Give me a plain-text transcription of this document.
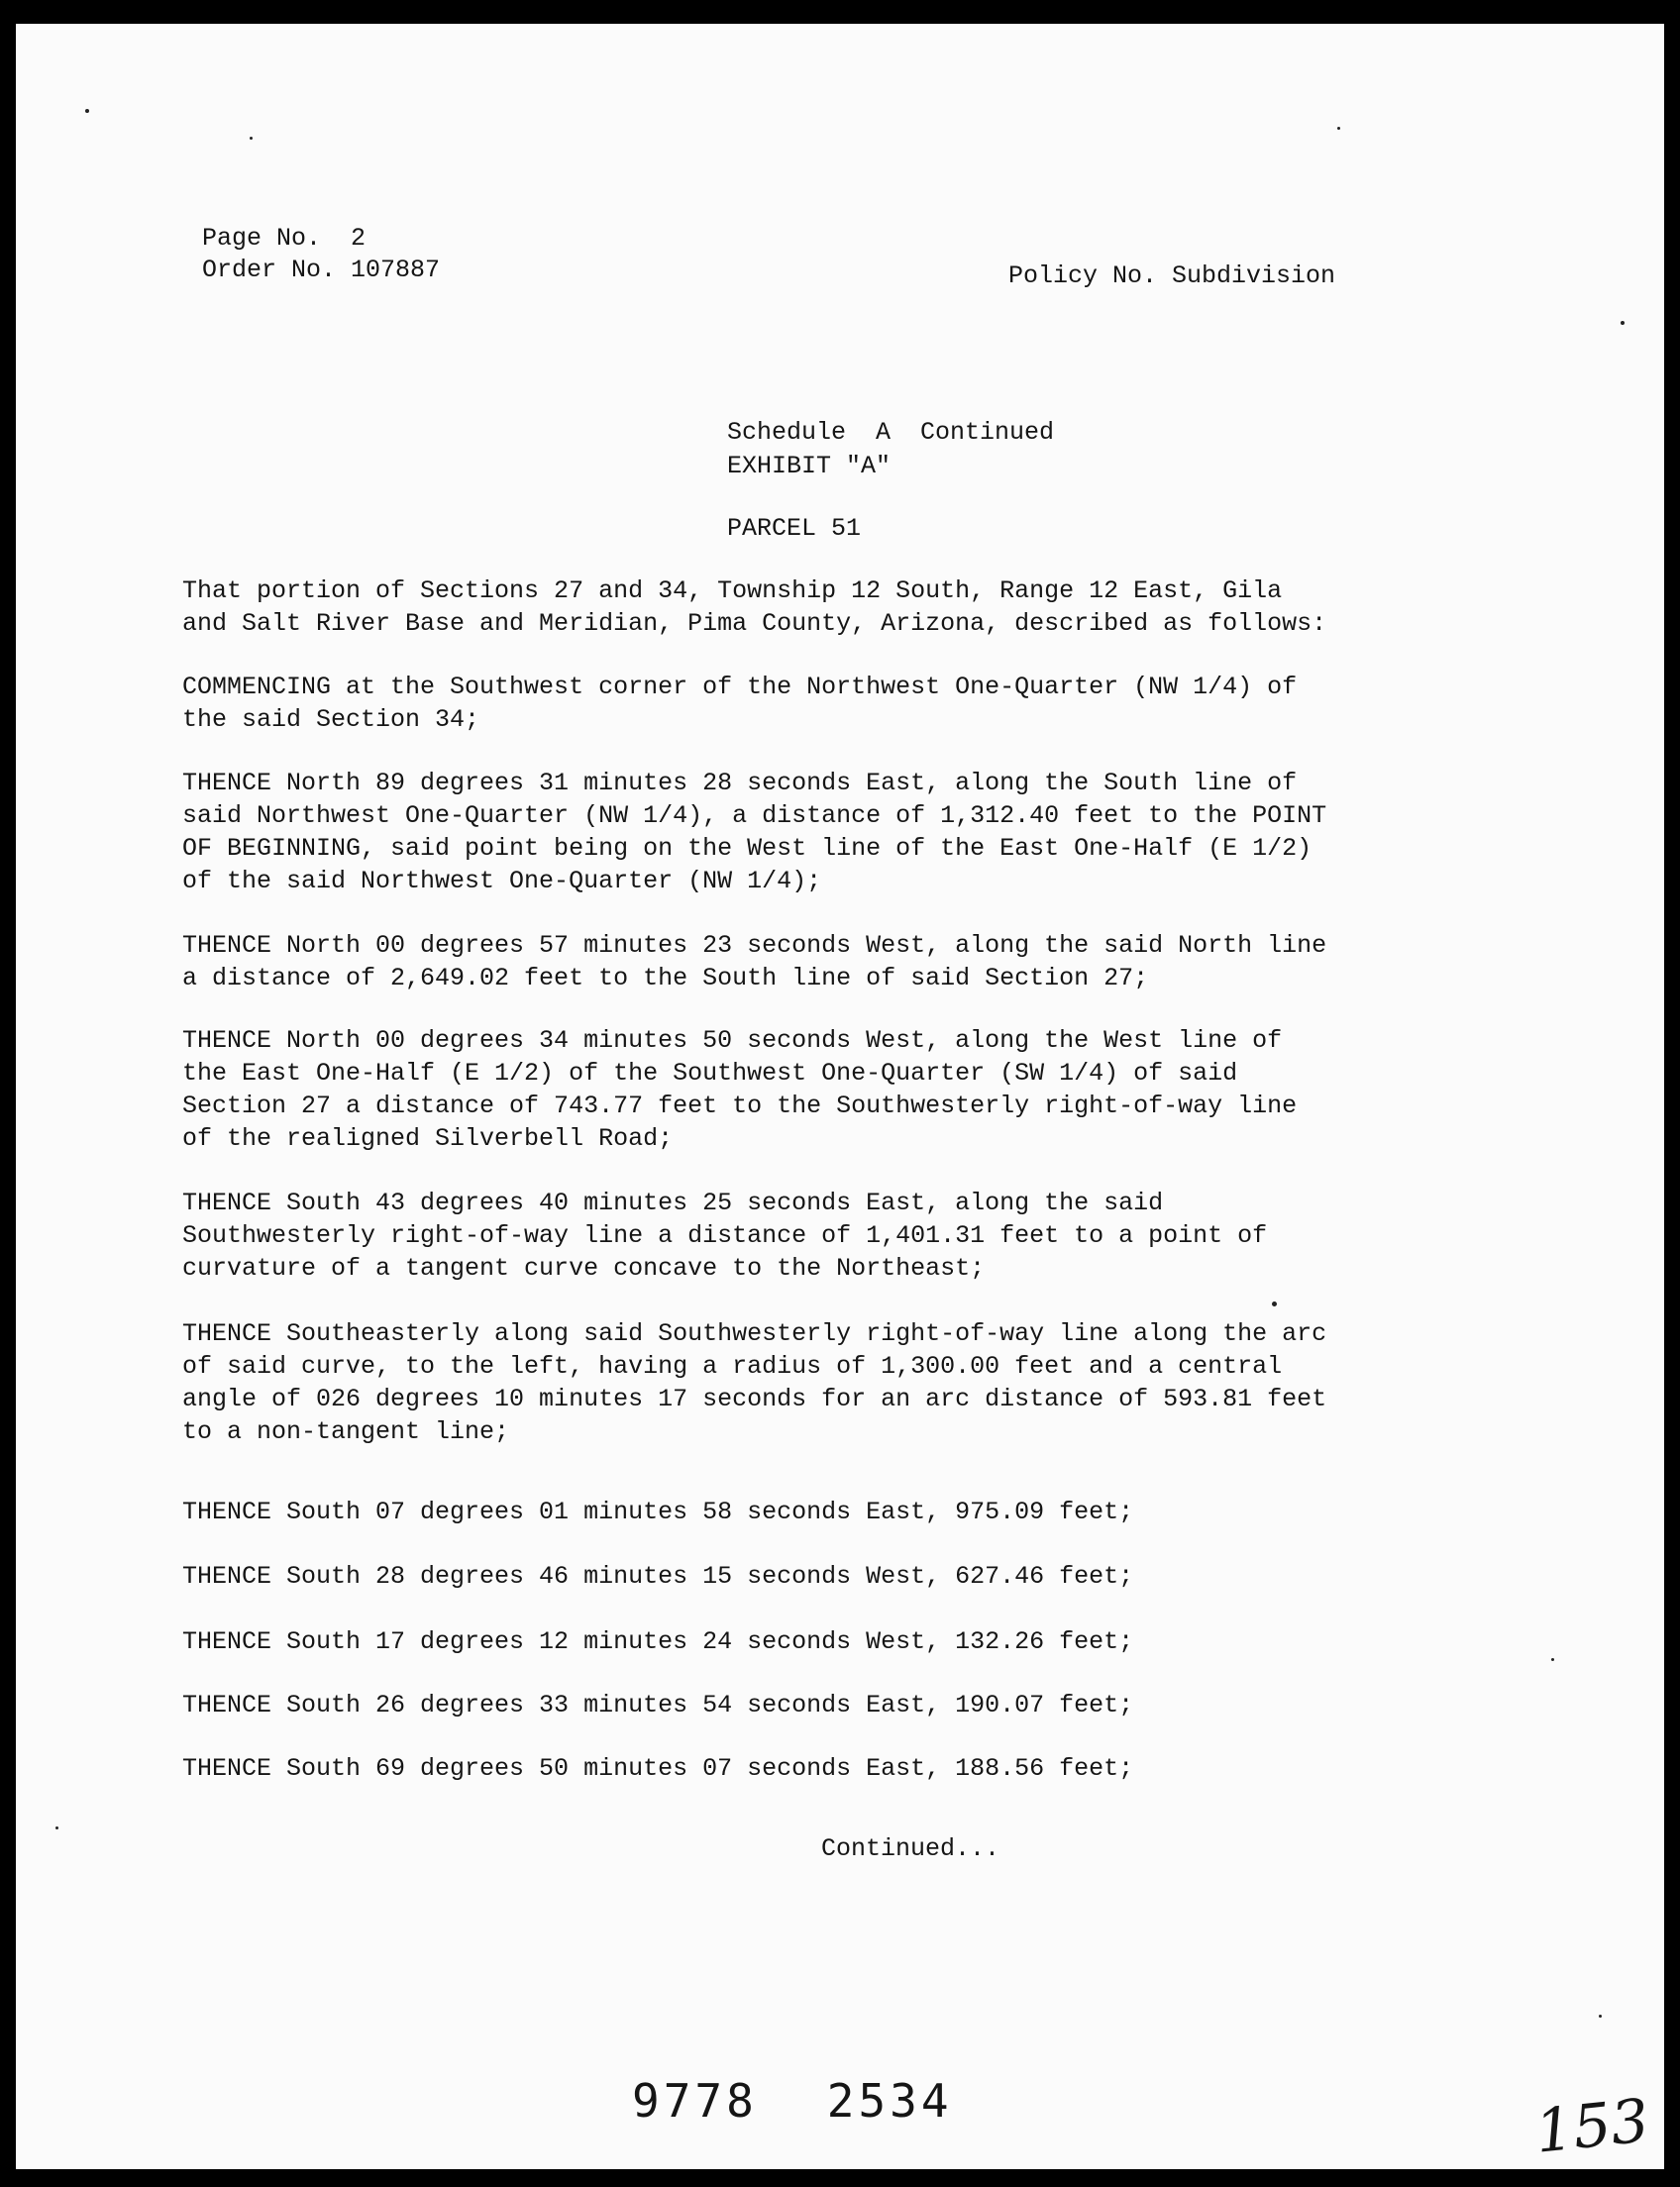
Page No.  2
Order No. 107887	Policy No. Subdivision
Schedule  A  Continued
EXHIBIT "A"
PARCEL 51
That portion of Sections 27 and 34, Township 12 South, Range 12 East, Gila
and Salt River Base and Meridian, Pima County, Arizona, described as follows:
COMMENCING at the Southwest corner of the Northwest One-Quarter (NW 1/4) of
the said Section 34;
THENCE North 89 degrees 31 minutes 28 seconds East, along the South line of
said Northwest One-Quarter (NW 1/4), a distance of 1,312.40 feet to the POINT
OF BEGINNING, said point being on the West line of the East One-Half (E 1/2)
of the said Northwest One-Quarter (NW 1/4);
THENCE North 00 degrees 57 minutes 23 seconds West, along the said North line
a distance of 2,649.02 feet to the South line of said Section 27;
THENCE North 00 degrees 34 minutes 50 seconds West, along the West line of
the East One-Half (E 1/2) of the Southwest One-Quarter (SW 1/4) of said
Section 27 a distance of 743.77 feet to the Southwesterly right-of-way line
of the realigned Silverbell Road;
THENCE South 43 degrees 40 minutes 25 seconds East, along the said
Southwesterly right-of-way line a distance of 1,401.31 feet to a point of
curvature of a tangent curve concave to the Northeast;
THENCE Southeasterly along said Southwesterly right-of-way line along the arc
of said curve, to the left, having a radius of 1,300.00 feet and a central
angle of 026 degrees 10 minutes 17 seconds for an arc distance of 593.81 feet
to a non-tangent line;
THENCE South 07 degrees 01 minutes 58 seconds East, 975.09 feet;
THENCE South 28 degrees 46 minutes 15 seconds West, 627.46 feet;
THENCE South 17 degrees 12 minutes 24 seconds West, 132.26 feet;
THENCE South 26 degrees 33 minutes 54 seconds East, 190.07 feet;
THENCE South 69 degrees 50 minutes 07 seconds East, 188.56 feet;
Continued...
9778 2534	153
